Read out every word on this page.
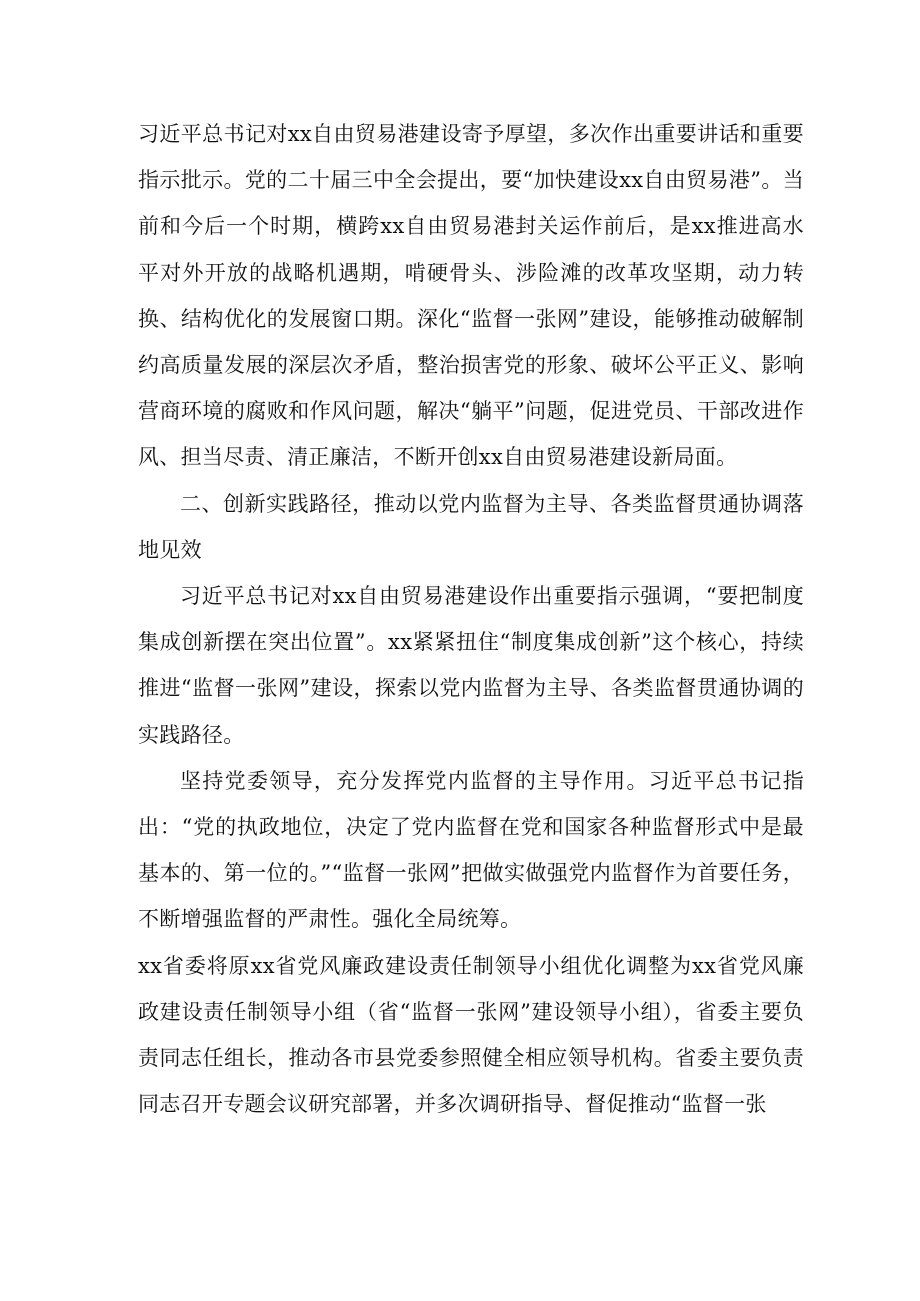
习近平总书记对xx自由贸易港建设寄予厚望，多次作出重要讲话和重要指示批示。党的二十届三中全会提出，要“加快建设xx自由贸易港”。当前和今后一个时期，横跨xx自由贸易港封关运作前后，是xx推进高水平对外开放的战略机遇期，啃硬骨头、涉险滩的改革攻坚期，动力转换、结构优化的发展窗口期。深化“监督一张网”建设，能够推动破解制约高质量发展的深层次矛盾，整治损害党的形象、破坏公平正义、影响营商环境的腐败和作风问题，解决“躺平”问题，促进党员、干部改进作风、担当尽责、清正廉洁，不断开创xx自由贸易港建设新局面。

二、创新实践路径，推动以党内监督为主导、各类监督贯通协调落地见效

习近平总书记对xx自由贸易港建设作出重要指示强调，“要把制度集成创新摆在突出位置”。xx紧紧扭住“制度集成创新”这个核心，持续推进“监督一张网”建设，探索以党内监督为主导、各类监督贯通协调的实践路径。

坚持党委领导，充分发挥党内监督的主导作用。习近平总书记指出：“党的执政地位，决定了党内监督在党和国家各种监督形式中是最基本的、第一位的。”“监督一张网”把做实做强党内监督作为首要任务，不断增强监督的严肃性。强化全局统筹。

xx省委将原xx省党风廉政建设责任制领导小组优化调整为xx省党风廉政建设责任制领导小组（省“监督一张网”建设领导小组），省委主要负责同志任组长，推动各市县党委参照健全相应领导机构。省委主要负责同志召开专题会议研究部署，并多次调研指导、督促推动“监督一张
